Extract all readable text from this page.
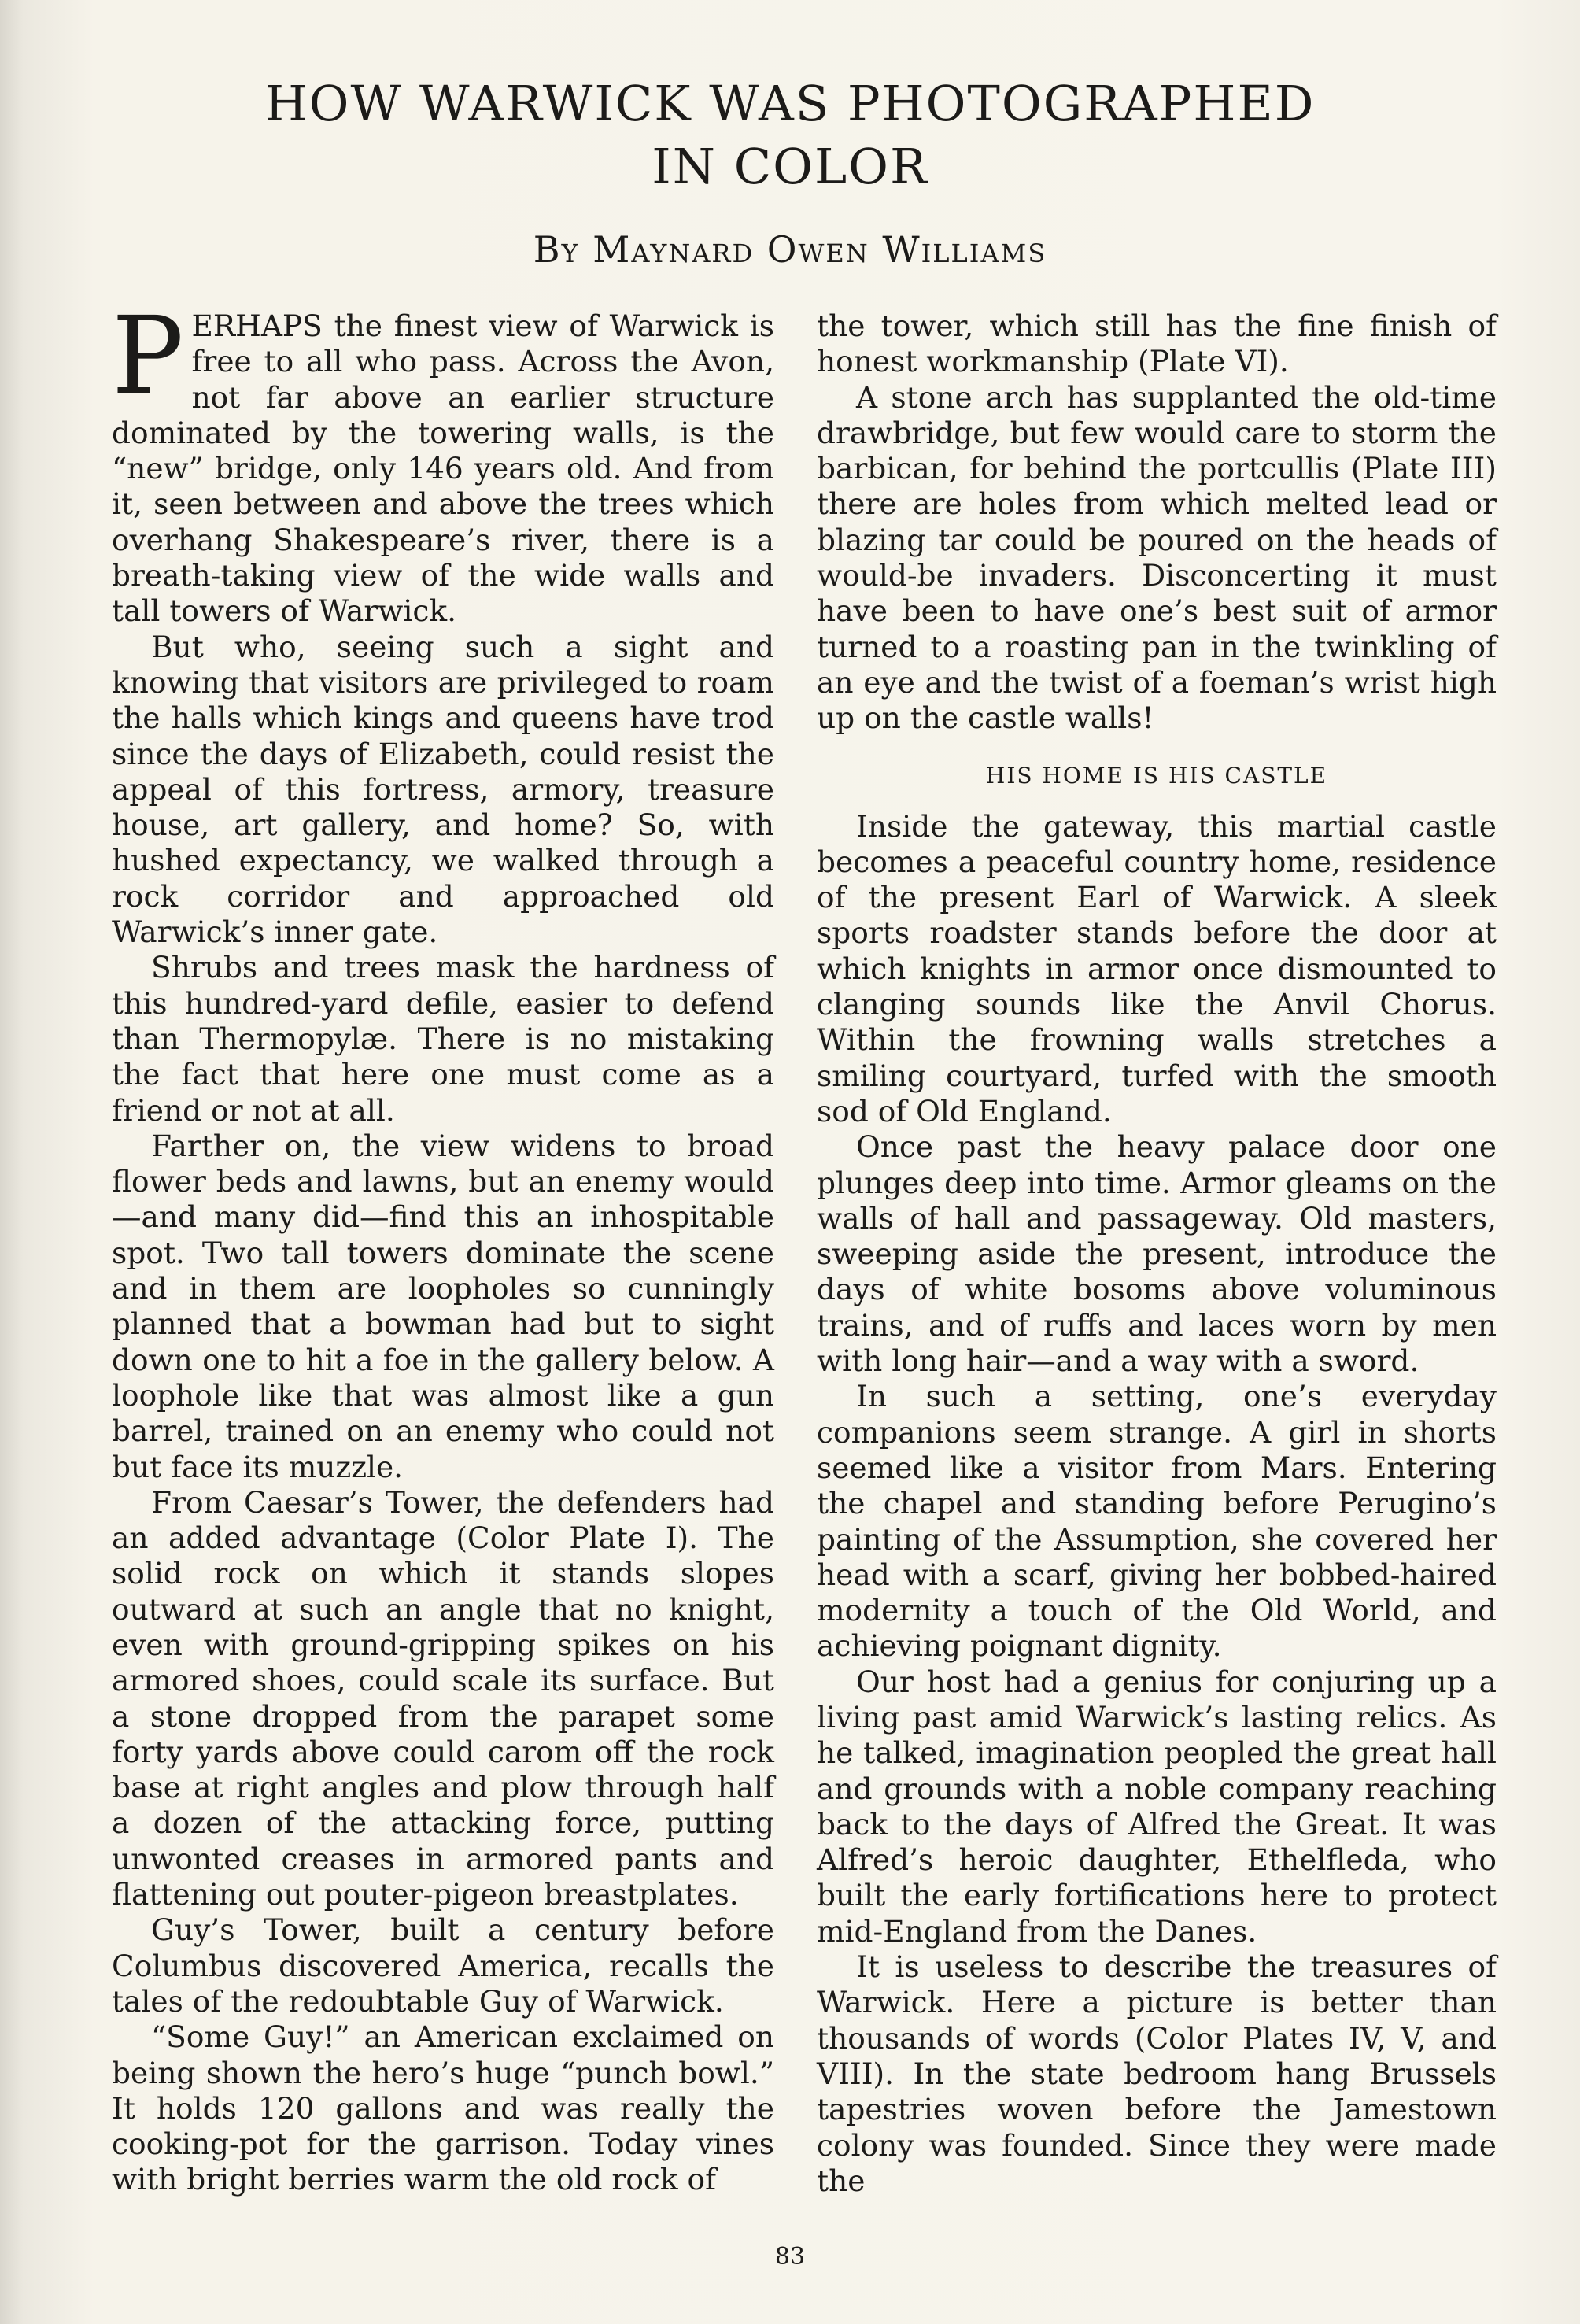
HOW WARWICK WAS PHOTOGRAPHED
IN COLOR
By Maynard Owen Williams

PERHAPS the finest view of Warwick is free to all who pass. Across the Avon, not far above an earlier structure dominated by the towering walls, is the “new” bridge, only 146 years old. And from it, seen between and above the trees which overhang Shakespeare’s river, there is a breath-taking view of the wide walls and tall towers of Warwick.

But who, seeing such a sight and knowing that visitors are privileged to roam the halls which kings and queens have trod since the days of Elizabeth, could resist the appeal of this fortress, armory, treasure house, art gallery, and home? So, with hushed expectancy, we walked through a rock corridor and approached old Warwick’s inner gate.

Shrubs and trees mask the hardness of this hundred-yard defile, easier to defend than Thermopylæ. There is no mistaking the fact that here one must come as a friend or not at all.

Farther on, the view widens to broad flower beds and lawns, but an enemy would —and many did—find this an inhospitable spot. Two tall towers dominate the scene and in them are loopholes so cunningly planned that a bowman had but to sight down one to hit a foe in the gallery below. A loophole like that was almost like a gun barrel, trained on an enemy who could not but face its muzzle.

From Caesar’s Tower, the defenders had an added advantage (Color Plate I). The solid rock on which it stands slopes outward at such an angle that no knight, even with ground-gripping spikes on his armored shoes, could scale its surface. But a stone dropped from the parapet some forty yards above could carom off the rock base at right angles and plow through half a dozen of the attacking force, putting unwonted creases in armored pants and flattening out pouter-pigeon breastplates.

Guy’s Tower, built a century before Columbus discovered America, recalls the tales of the redoubtable Guy of Warwick.

“Some Guy!” an American exclaimed on being shown the hero’s huge “punch bowl.” It holds 120 gallons and was really the cooking-pot for the garrison. Today vines with bright berries warm the old rock of

the tower, which still has the fine finish of honest workmanship (Plate VI).

A stone arch has supplanted the old-time drawbridge, but few would care to storm the barbican, for behind the portcullis (Plate III) there are holes from which melted lead or blazing tar could be poured on the heads of would-be invaders. Disconcerting it must have been to have one’s best suit of armor turned to a roasting pan in the twinkling of an eye and the twist of a foeman’s wrist high up on the castle walls!

HIS HOME IS HIS CASTLE

Inside the gateway, this martial castle becomes a peaceful country home, residence of the present Earl of Warwick. A sleek sports roadster stands before the door at which knights in armor once dismounted to clanging sounds like the Anvil Chorus. Within the frowning walls stretches a smiling courtyard, turfed with the smooth sod of Old England.

Once past the heavy palace door one plunges deep into time. Armor gleams on the walls of hall and passageway. Old masters, sweeping aside the present, introduce the days of white bosoms above voluminous trains, and of ruffs and laces worn by men with long hair—and a way with a sword.

In such a setting, one’s everyday companions seem strange. A girl in shorts seemed like a visitor from Mars. Entering the chapel and standing before Perugino’s painting of the Assumption, she covered her head with a scarf, giving her bobbed-haired modernity a touch of the Old World, and achieving poignant dignity.

Our host had a genius for conjuring up a living past amid Warwick’s lasting relics. As he talked, imagination peopled the great hall and grounds with a noble company reaching back to the days of Alfred the Great. It was Alfred’s heroic daughter, Ethelfleda, who built the early fortifications here to protect mid-England from the Danes.

It is useless to describe the treasures of Warwick. Here a picture is better than thousands of words (Color Plates IV, V, and VIII). In the state bedroom hang Brussels tapestries woven before the Jamestown colony was founded. Since they were made the

83
